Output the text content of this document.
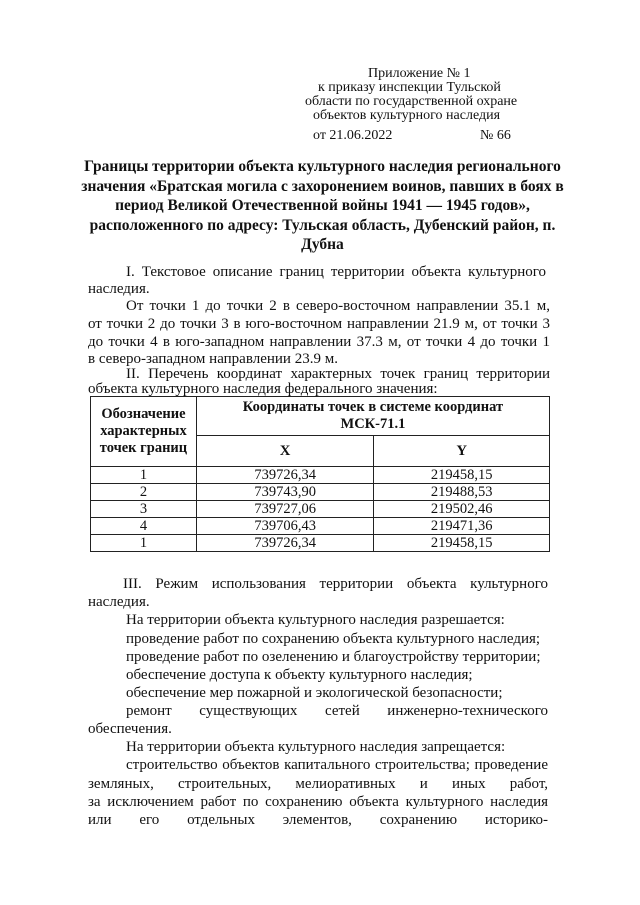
Приложение № 1
к приказу инспекции Тульской
области по государственной охране
объектов культурного наследия
от 21.06.2022	№ 66
Границы территории объекта культурного наследия регионального значения «Братская могила с захоронением воинов, павших в боях в период Великой Отечественной войны 1941 — 1945 годов», расположенного по адресу: Тульская область, Дубенский район, п. Дубна
I. Текстовое описание границ территории объекта культурного
наследия.
От точки 1 до точки 2 в северо-восточном направлении 35.1 м,
от точки 2 до точки 3 в юго-восточном направлении 21.9 м, от точки 3
до точки 4 в юго-западном направлении 37.3 м, от точки 4 до точки 1
в северо-западном направлении 23.9 м.
II. Перечень координат характерных точек границ территории
объекта культурного наследия федерального значения:
Обозначение характерных точек границ	Координаты точек в системе координат МСК-71.1	
	X	Y
1	739726,34	219458,15
2	739743,90	219488,53
3	739727,06	219502,46
4	739706,43	219471,36
1	739726,34	219458,15
III. Режим использования территории объекта культурного
наследия.
На территории объекта культурного наследия разрешается:
проведение работ по сохранению объекта культурного наследия;
проведение работ по озеленению и благоустройству территории;
обеспечение доступа к объекту культурного наследия;
обеспечение мер пожарной и экологической безопасности;
ремонт существующих сетей инженерно-технического
обеспечения.
На территории объекта культурного наследия запрещается:
строительство объектов капитального строительства; проведение
земляных, строительных, мелиоративных и иных работ,
за исключением работ по сохранению объекта культурного наследия
или его отдельных элементов, сохранению историко-
